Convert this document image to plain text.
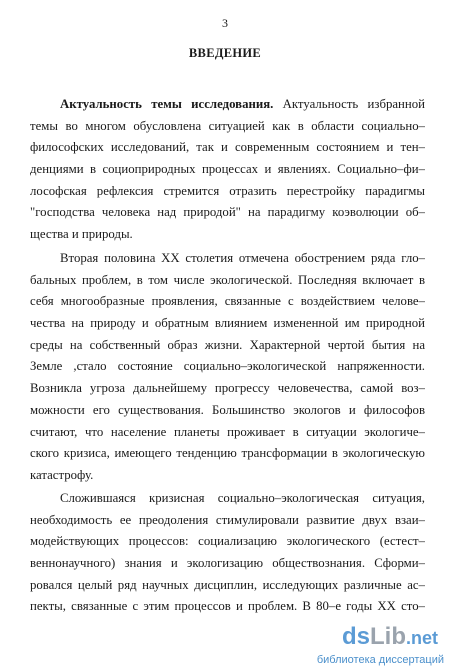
3
ВВЕДЕНИЕ
Актуальность темы исследования. Актуальность избранной
темы во многом обусловлена ситуацией как в области социально–
философских исследований, так и современным состоянием и тен–
денциями в социоприродных процессах и явлениях. Социально–фи–
лософская рефлексия стремится отразить перестройку парадигмы
"господства человека над природой" на парадигму коэволюции об–
щества и природы.
Вторая половина XX столетия отмечена обострением ряда гло–
бальных проблем, в том числе экологической. Последняя включает в
себя многообразные проявления, связанные с воздействием челове–
чества на природу и обратным влиянием измененной им природной
среды на собственный образ жизни. Характерной чертой бытия на
Земле ,стало состояние социально–экологической напряженности.
Возникла угроза дальнейшему прогрессу человечества, самой воз–
можности его существования. Большинство экологов и философов
считают, что население планеты проживает в ситуации экологиче–
ского кризиса, имеющего тенденцию трансформации в экологическую
катастрофу.
Сложившаяся кризисная социально–экологическая ситуация,
необходимость ее преодоления стимулировали развитие двух взаи–
модействующих процессов: социализацию экологического (естест–
веннонаучного) знания и экологизацию обществознания. Сформи–
ровался целый ряд научных дисциплин, исследующих различные ас–
пекты, связанные с этим процессов и проблем. В 80–е годы XX сто–
dsLib.net
библиотека диссертаций
